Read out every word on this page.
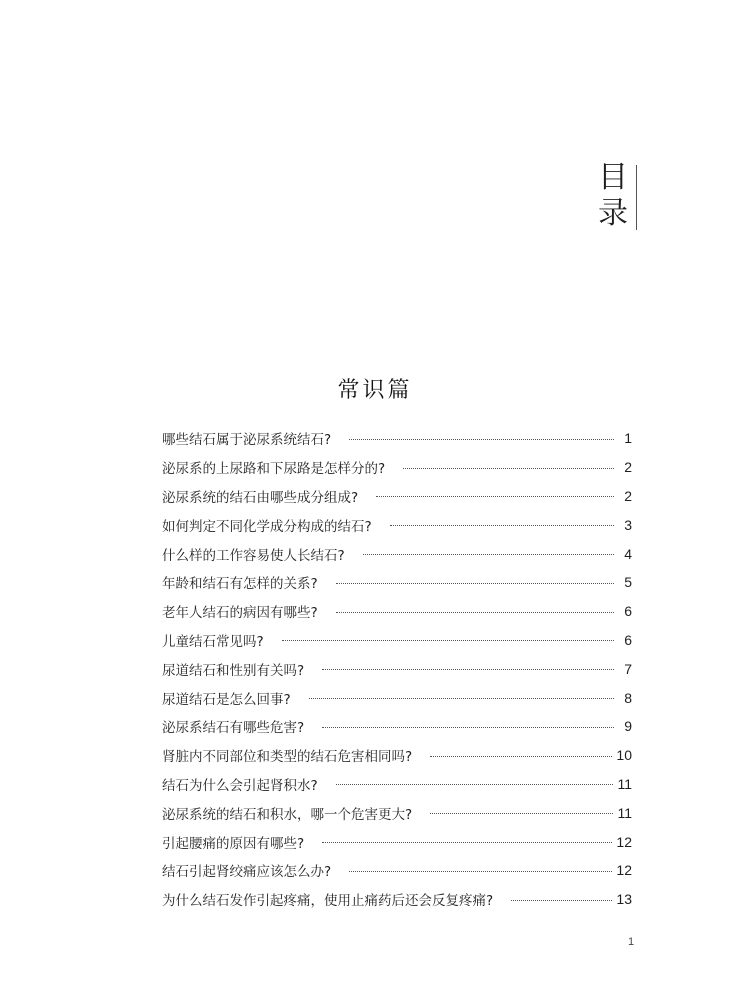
目
录
常识篇
哪些结石属于泌尿系统结石?	1
泌尿系的上尿路和下尿路是怎样分的?	2
泌尿系统的结石由哪些成分组成?	2
如何判定不同化学成分构成的结石?	3
什么样的工作容易使人长结石?	4
年龄和结石有怎样的关系?	5
老年人结石的病因有哪些?	6
儿童结石常见吗?	6
尿道结石和性别有关吗?	7
尿道结石是怎么回事?	8
泌尿系结石有哪些危害?	9
肾脏内不同部位和类型的结石危害相同吗?	10
结石为什么会引起肾积水?	11
泌尿系统的结石和积水，哪一个危害更大?	11
引起腰痛的原因有哪些?	12
结石引起肾绞痛应该怎么办?	12
为什么结石发作引起疼痛，使用止痛药后还会反复疼痛?	13
1
